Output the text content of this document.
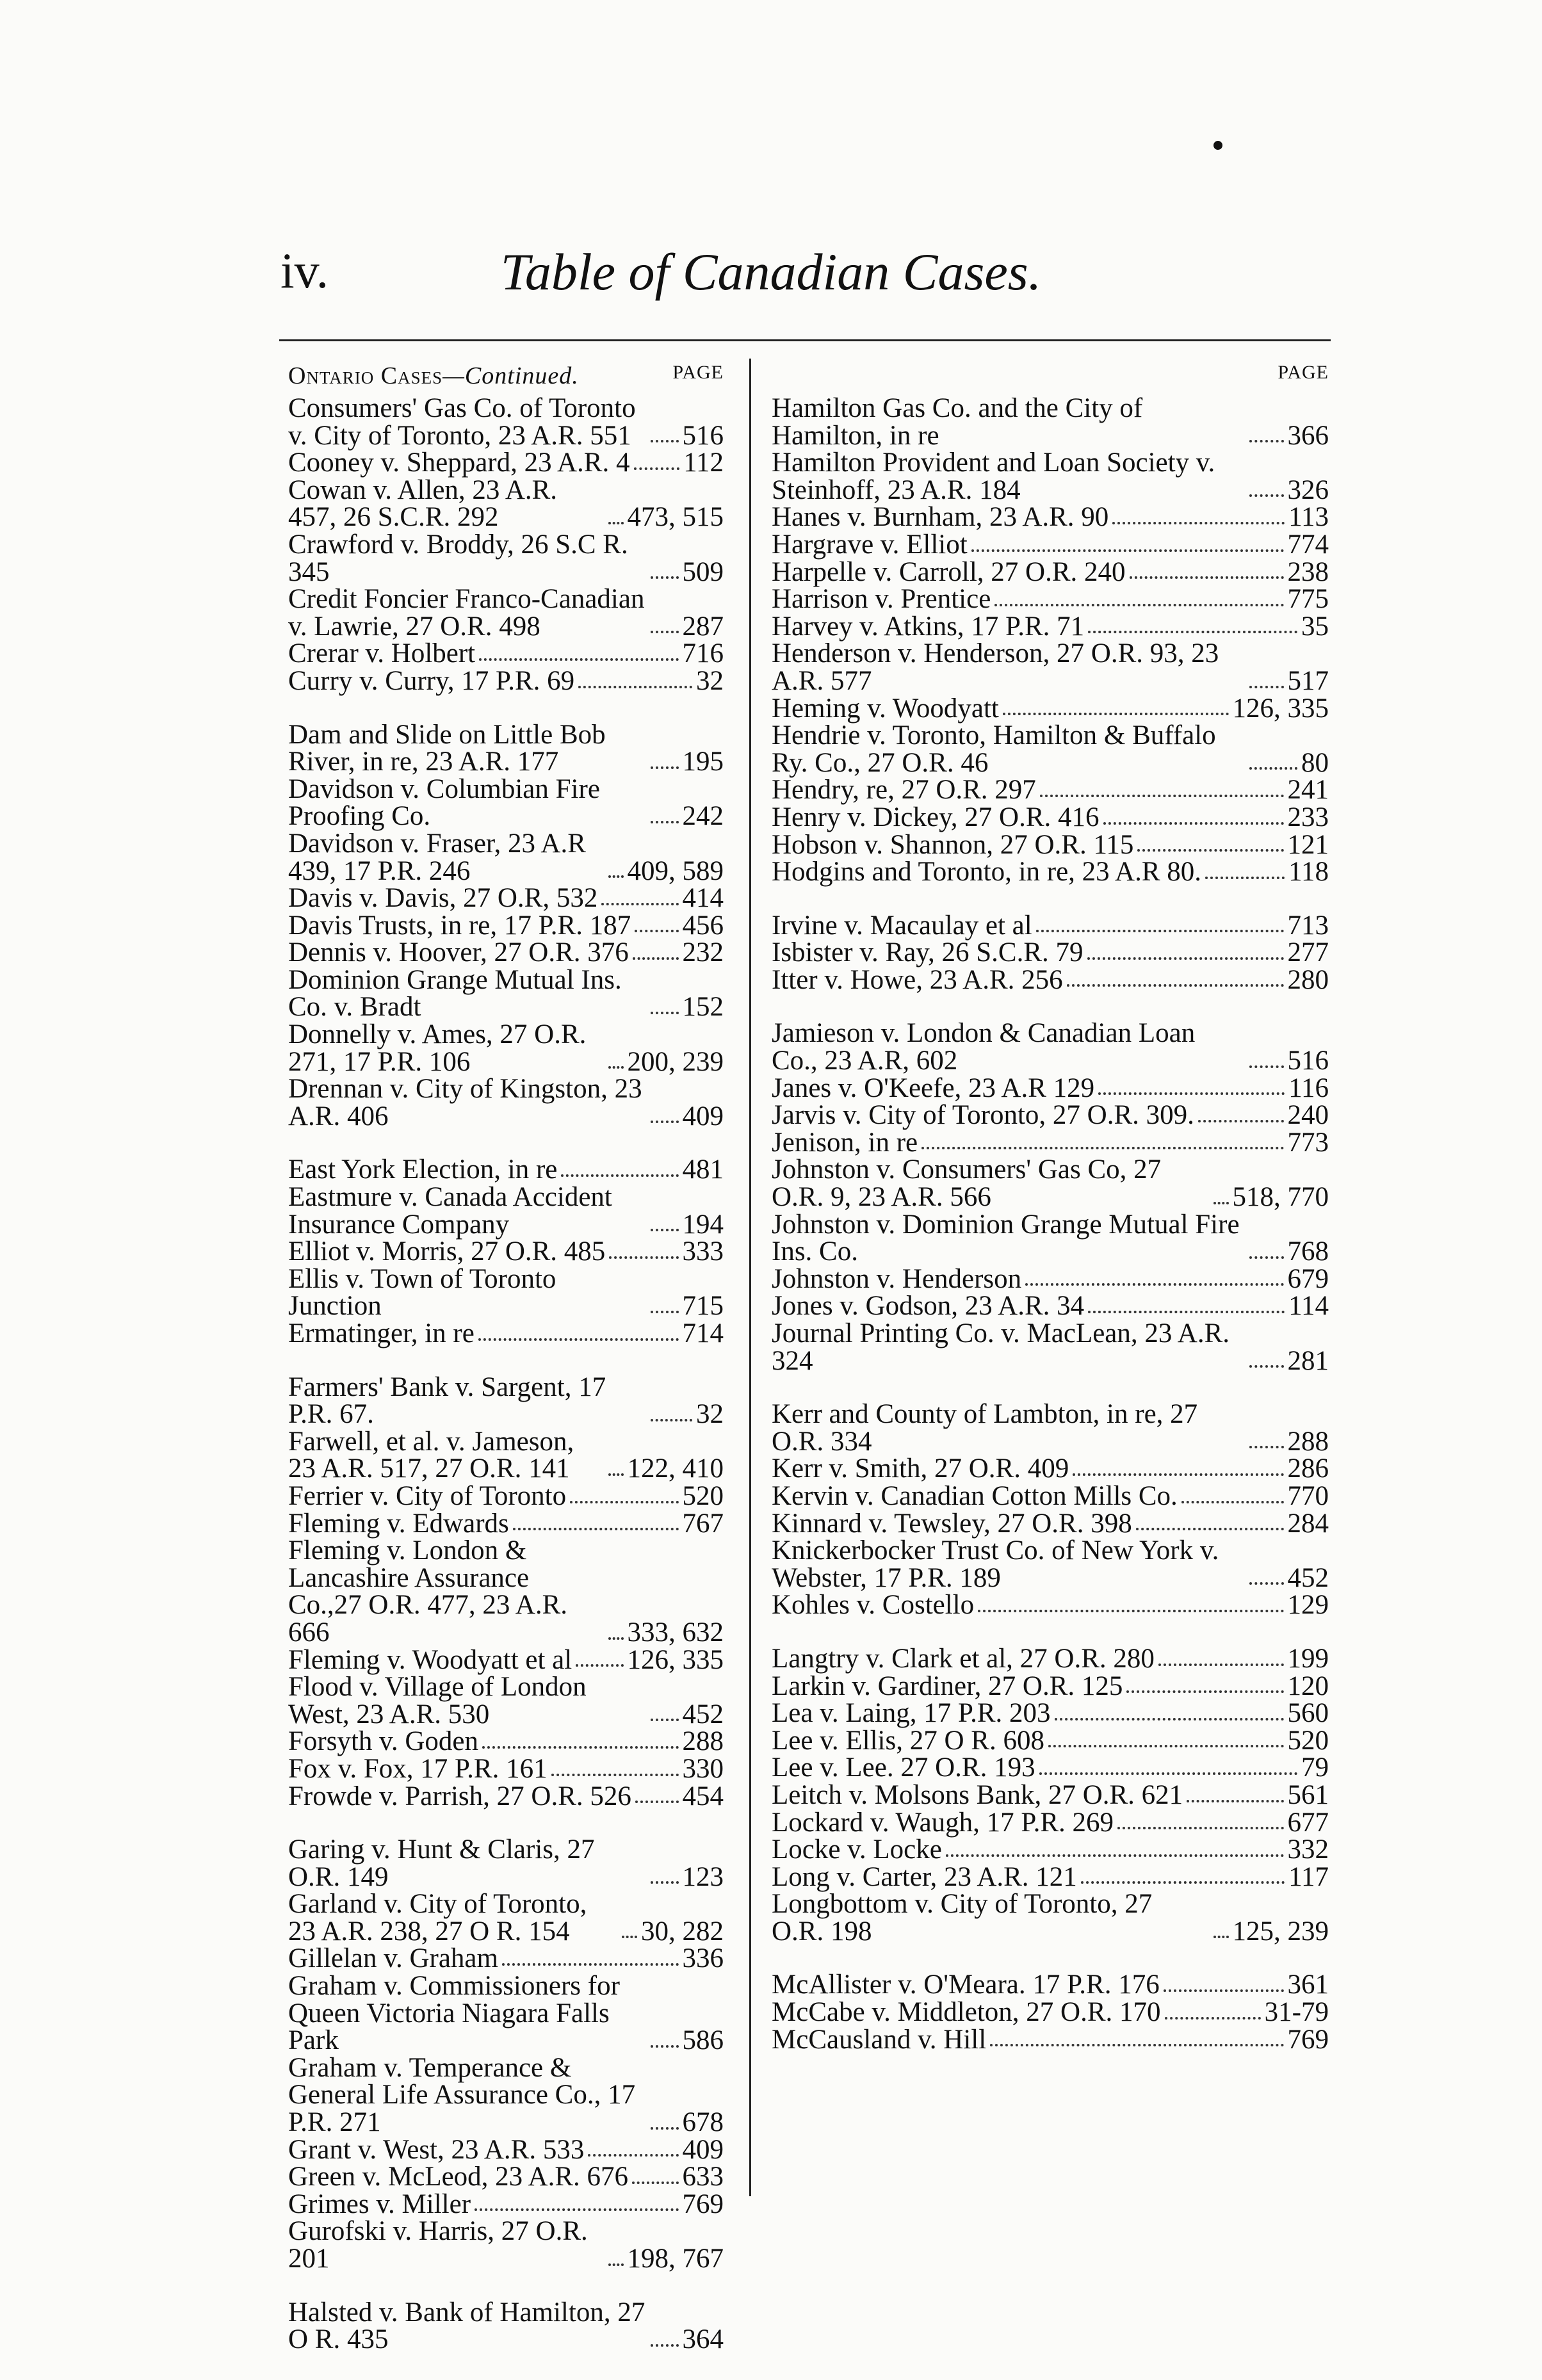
iv.	Table of Canadian Cases.
Ontario Cases—Continued.	PAGE
Consumers' Gas Co. of Toronto v. City of Toronto, 23 A.R. 551	516
Cooney v. Sheppard, 23 A.R. 4 112
Cowan v. Allen, 23 A.R. 457, 26 S.C.R. 292	473, 515
Crawford v. Broddy, 26 S.C R. 345	509
Credit Foncier Franco-Canadian v. Lawrie, 27 O.R. 498	287
Crerar v. Holbert	716
Curry v. Curry, 17 P.R. 69	32
Dam and Slide on Little Bob River, in re, 23 A.R. 177	195
Davidson v. Columbian Fire Proofing Co.	242
Davidson v. Fraser, 23 A.R 439, 17 P.R. 246	409, 589
Davis v. Davis, 27 O.R, 532	414
Davis Trusts, in re, 17 P.R. 187 456
Dennis v. Hoover, 27 O.R. 376 232
Dominion Grange Mutual Ins. Co. v. Bradt	152
Donnelly v. Ames, 27 O.R. 271, 17 P.R. 106	200, 239
Drennan v. City of Kingston, 23 A.R. 406	409
East York Election, in re	481
Eastmure v. Canada Accident Insurance Company	194
Elliot v. Morris, 27 O.R. 485	333
Ellis v. Town of Toronto Junction	715
Ermatinger, in re	714
Farmers' Bank v. Sargent, 17 P.R. 67.	32
Farwell, et al. v. Jameson, 23 A.R. 517, 27 O.R. 141	122, 410
Ferrier v. City of Toronto	520
Fleming v. Edwards	767
Fleming v. London & Lancashire Assurance Co.,27 O.R. 477, 23 A.R. 666	333, 632
Fleming v. Woodyatt et al 126, 335
Flood v. Village of London West, 23 A.R. 530	452
Forsyth v. Goden	288
Fox v. Fox, 17 P.R. 161	330
Frowde v. Parrish, 27 O.R. 526 454
Garing v. Hunt & Claris, 27 O.R. 149	123
Garland v. City of Toronto, 23 A.R. 238, 27 O R. 154	30, 282
Gillelan v. Graham	336
Graham v. Commissioners for Queen Victoria Niagara Falls Park	586
Graham v. Temperance & General Life Assurance Co., 17 P.R. 271	678
Grant v. West, 23 A.R. 533	409
Green v. McLeod, 23 A.R. 676 633
Grimes v. Miller	769
Gurofski v. Harris, 27 O.R. 201	198, 767
Halsted v. Bank of Hamilton, 27 O R. 435	364
PAGE
Hamilton Gas Co. and the City of Hamilton, in re	366
Hamilton Provident and Loan Society v. Steinhoff, 23 A.R. 184	326
Hanes v. Burnham, 23 A.R. 90	113
Hargrave v. Elliot	774
Harpelle v. Carroll, 27 O.R. 240	238
Harrison v. Prentice	775
Harvey v. Atkins, 17 P.R. 71	35
Henderson v. Henderson, 27 O.R. 93, 23 A.R. 577	517
Heming v. Woodyatt	126, 335
Hendrie v. Toronto, Hamilton & Buffalo Ry. Co., 27 O.R. 46	80
Hendry, re, 27 O.R. 297	241
Henry v. Dickey, 27 O.R. 416	233
Hobson v. Shannon, 27 O.R. 115	121
Hodgins and Toronto, in re, 23 A.R 80.	118
Irvine v. Macaulay et al	713
Isbister v. Ray, 26 S.C.R. 79	277
Itter v. Howe, 23 A.R. 256	280
Jamieson v. London & Canadian Loan Co., 23 A.R, 602	516
Janes v. O'Keefe, 23 A.R 129	116
Jarvis v. City of Toronto, 27 O.R. 309.	240
Jenison, in re	773
Johnston v. Consumers' Gas Co, 27 O.R. 9, 23 A.R. 566	518, 770
Johnston v. Dominion Grange Mutual Fire Ins. Co.	768
Johnston v. Henderson	679
Jones v. Godson, 23 A.R. 34	114
Journal Printing Co. v. MacLean, 23 A.R. 324	281
Kerr and County of Lambton, in re, 27 O.R. 334	288
Kerr v. Smith, 27 O.R. 409	286
Kervin v. Canadian Cotton Mills Co.	770
Kinnard v. Tewsley, 27 O.R. 398	284
Knickerbocker Trust Co. of New York v. Webster, 17 P.R. 189	452
Kohles v. Costello	129
Langtry v. Clark et al, 27 O.R. 280	199
Larkin v. Gardiner, 27 O.R. 125	120
Lea v. Laing, 17 P.R. 203	560
Lee v. Ellis, 27 O R. 608	520
Lee v. Lee. 27 O.R. 193	79
Leitch v. Molsons Bank, 27 O.R. 621	561
Lockard v. Waugh, 17 P.R. 269	677
Locke v. Locke	332
Long v. Carter, 23 A.R. 121	117
Longbottom v. City of Toronto, 27 O.R. 198	125, 239
McAllister v. O'Meara. 17 P.R. 176	361
McCabe v. Middleton, 27 O.R. 170	31-79
McCausland v. Hill	769
